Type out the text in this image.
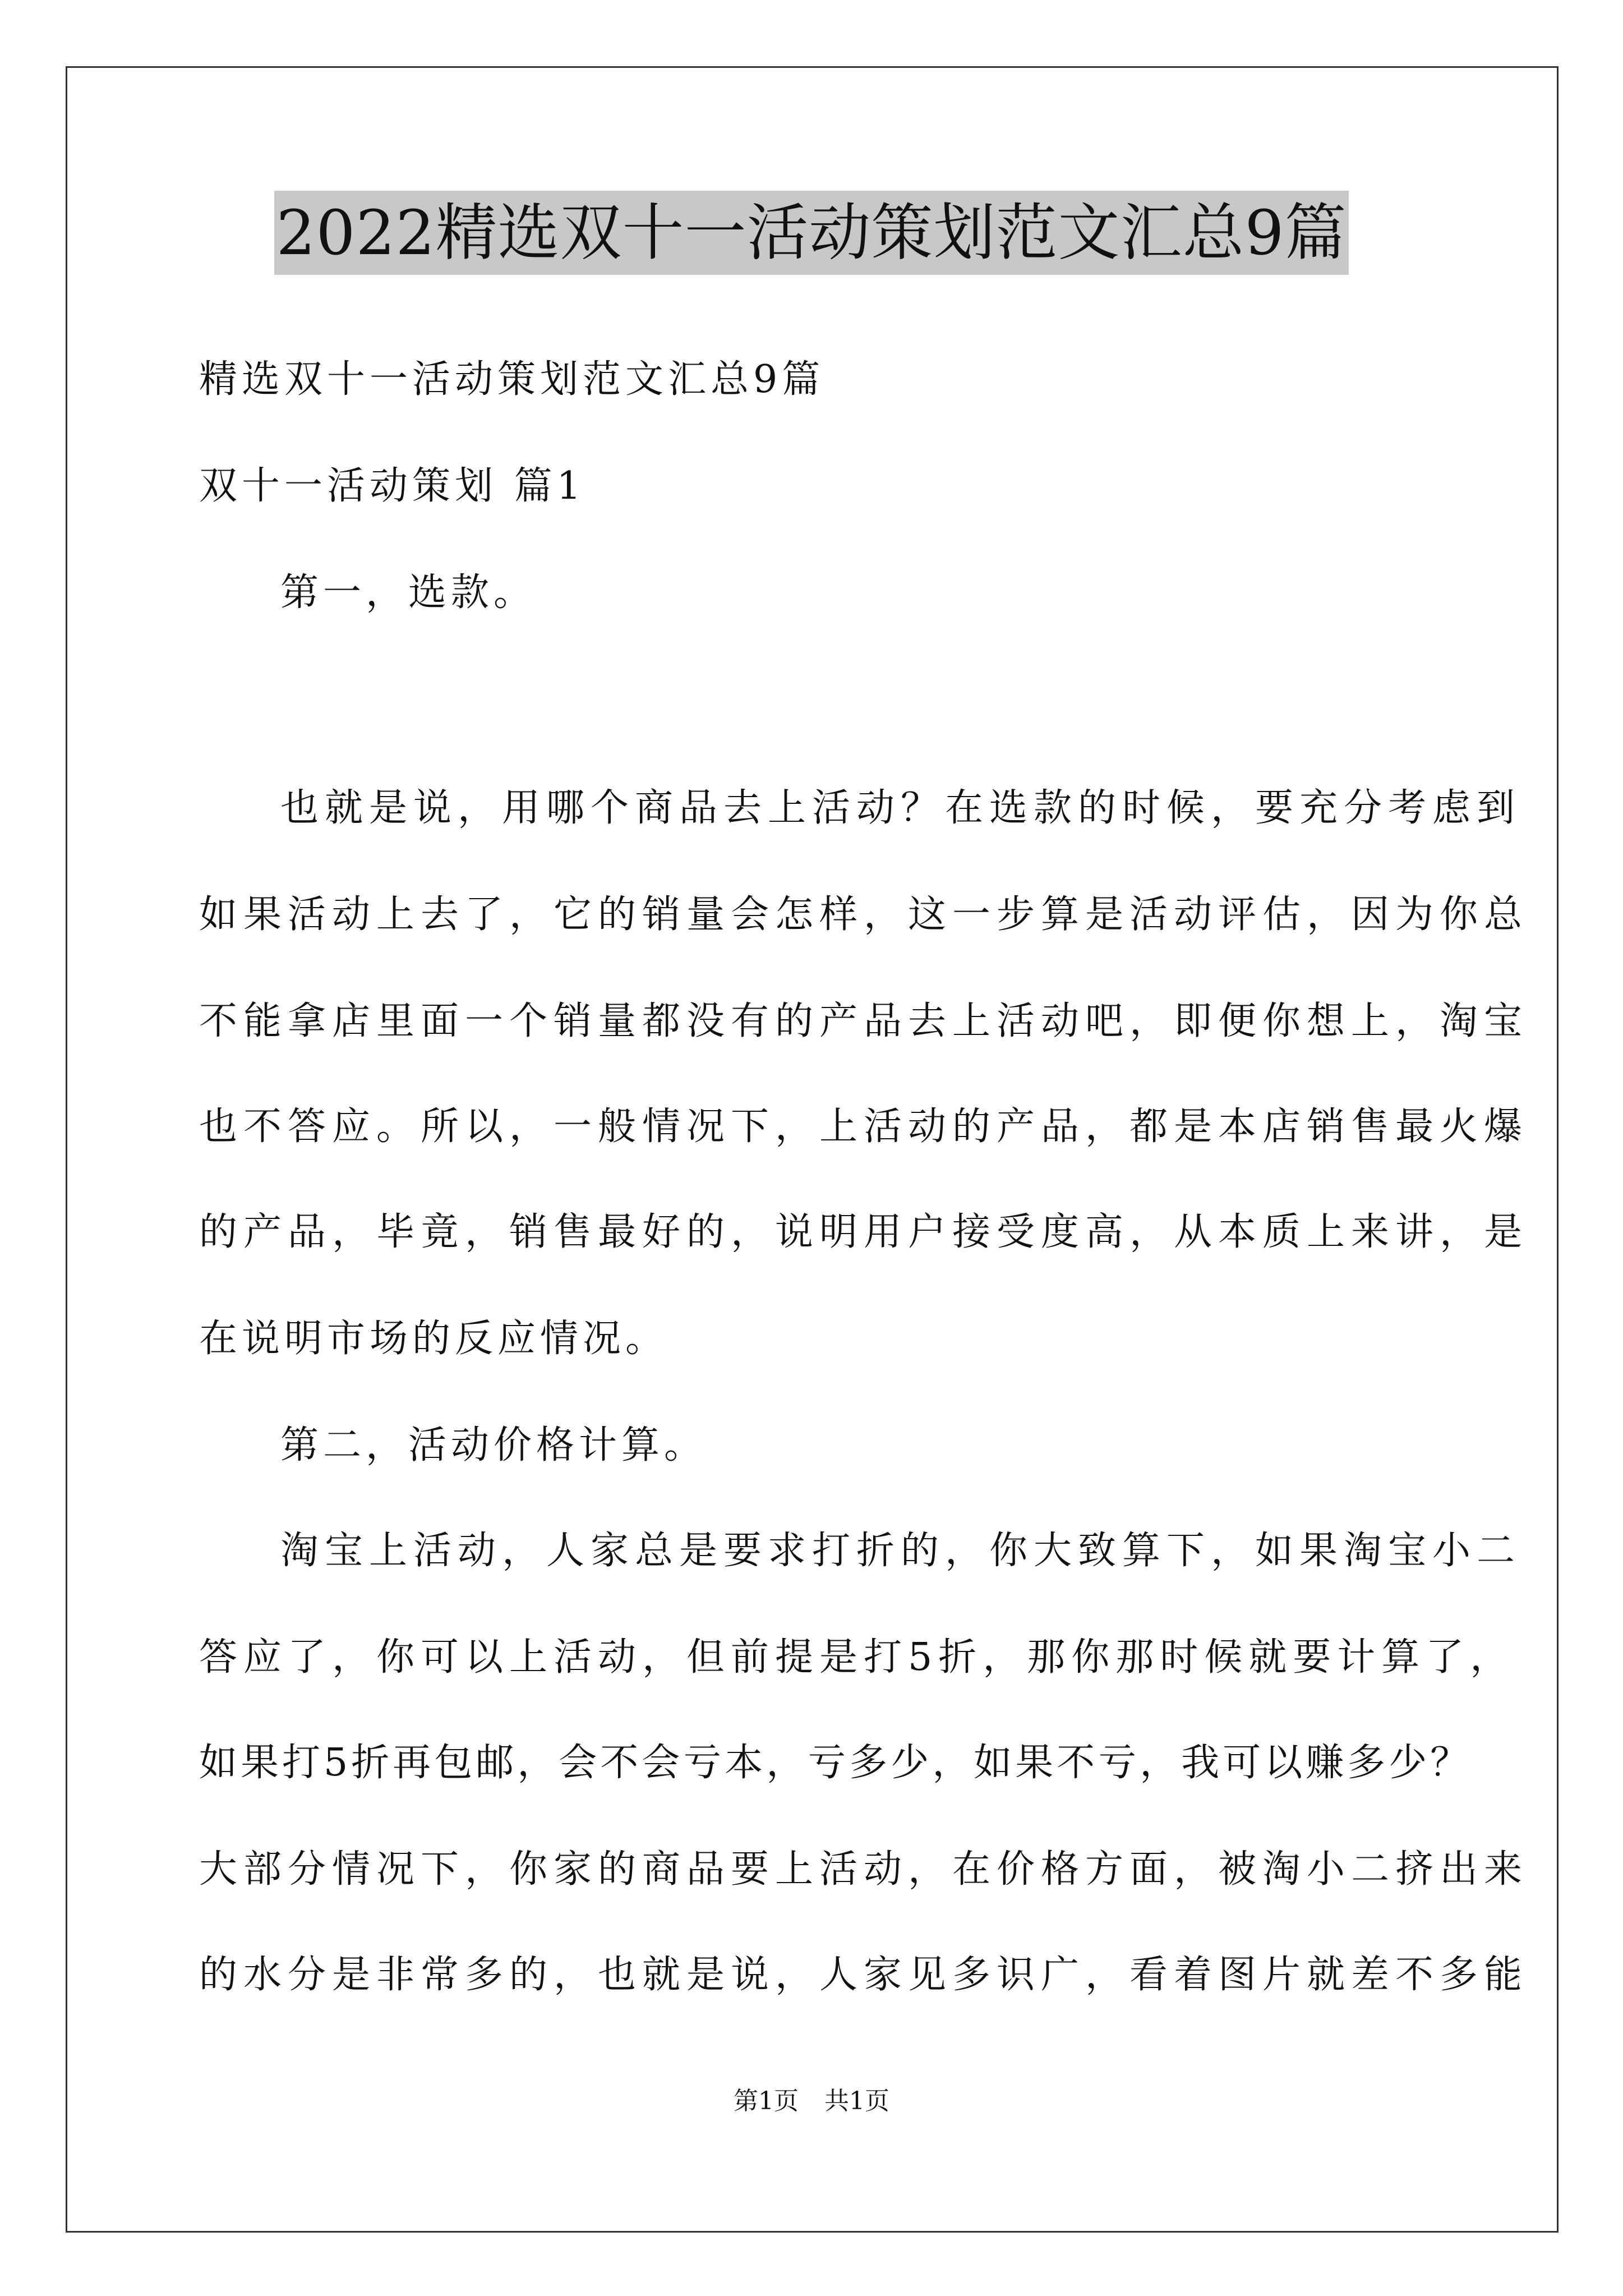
2022精选双十一活动策划范文汇总9篇
精选双十一活动策划范文汇总9篇
双十一活动策划 篇1
第一，选款。
也就是说，用哪个商品去上活动？在选款的时候，要充分考虑到
如果活动上去了，它的销量会怎样，这一步算是活动评估，因为你总
不能拿店里面一个销量都没有的产品去上活动吧，即便你想上，淘宝
也不答应。所以，一般情况下，上活动的产品，都是本店销售最火爆
的产品，毕竟，销售最好的，说明用户接受度高，从本质上来讲，是
在说明市场的反应情况。
第二，活动价格计算。
淘宝上活动，人家总是要求打折的，你大致算下，如果淘宝小二
答应了，你可以上活动，但前提是打5折，那你那时候就要计算了，
如果打5折再包邮，会不会亏本，亏多少，如果不亏，我可以赚多少？
大部分情况下，你家的商品要上活动，在价格方面，被淘小二挤出来
的水分是非常多的，也就是说，人家见多识广，看着图片就差不多能
第1页 共1页
